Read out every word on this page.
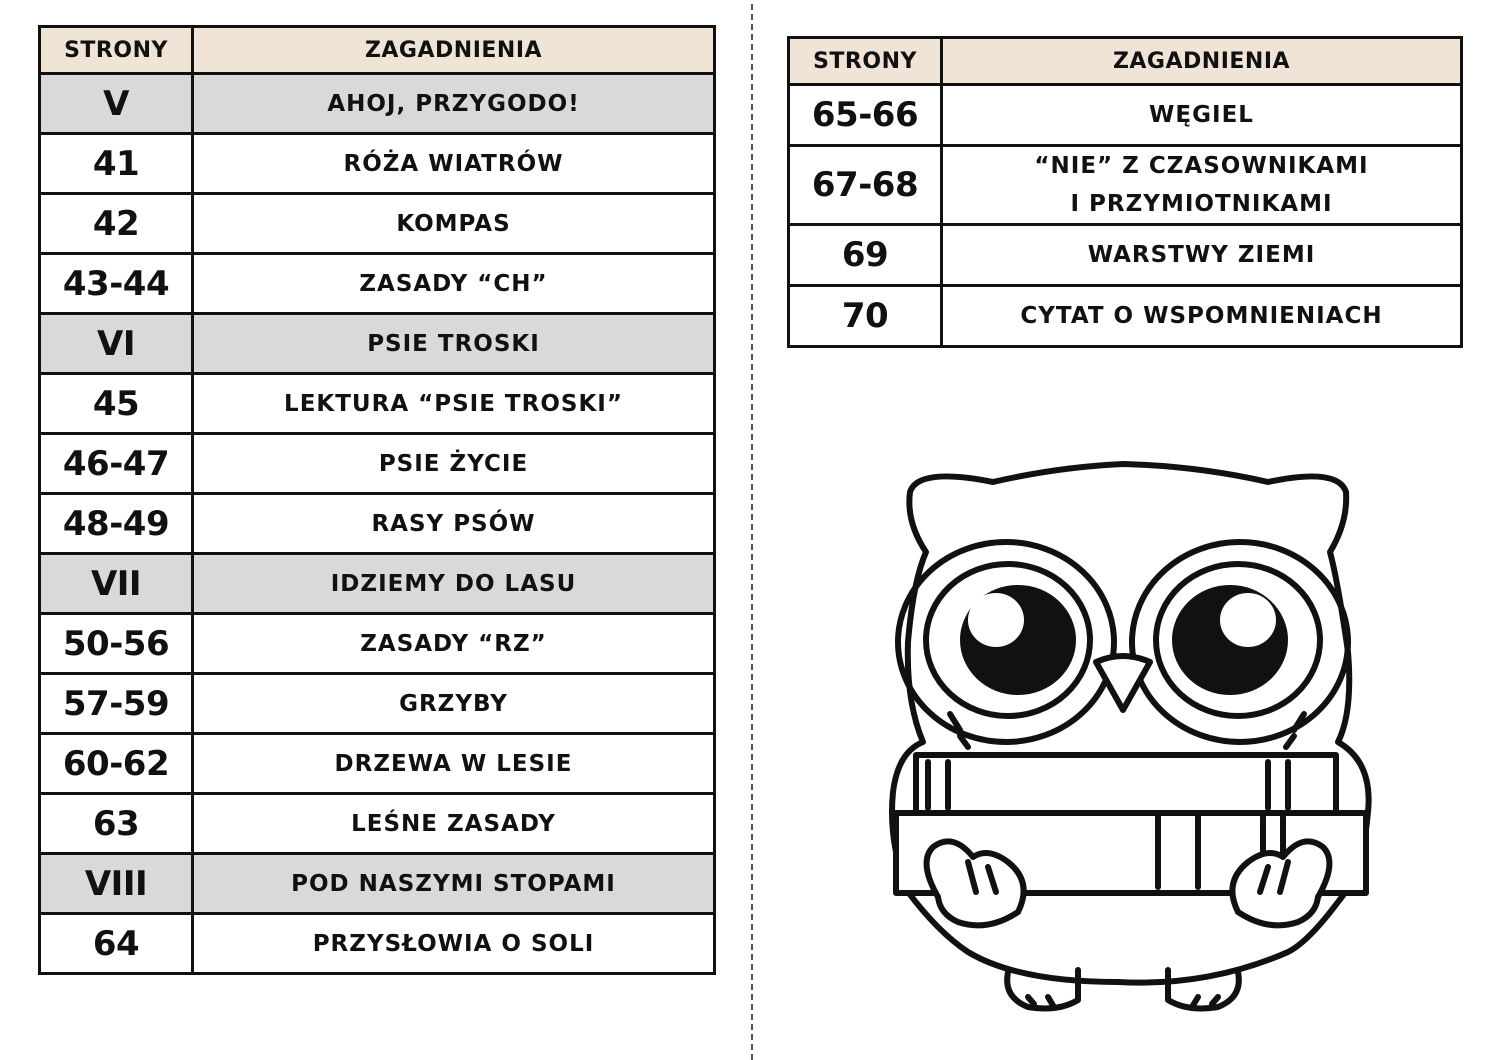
STRONY	ZAGADNIENIA
V	AHOJ, PRZYGODO!
41	RÓŻA WIATRÓW
42	KOMPAS
43-44	ZASADY “CH”
VI	PSIE TROSKI
45	LEKTURA “PSIE TROSKI”
46-47	PSIE ŻYCIE
48-49	RASY PSÓW
VII	IDZIEMY DO LASU
50-56	ZASADY “RZ”
57-59	GRZYBY
60-62	DRZEWA W LESIE
63	LEŚNE ZASADY
VIII	POD NASZYMI STOPAMI
64	PRZYSŁOWIA O SOLI
STRONY	ZAGADNIENIA
65-66	WĘGIEL

67-68	“NIE” Z CZASOWNIKAMI
I PRZYMIOTNIKAMI

69	WARSTWY ZIEMI

70	CYTAT O WSPOMNIENIACH
